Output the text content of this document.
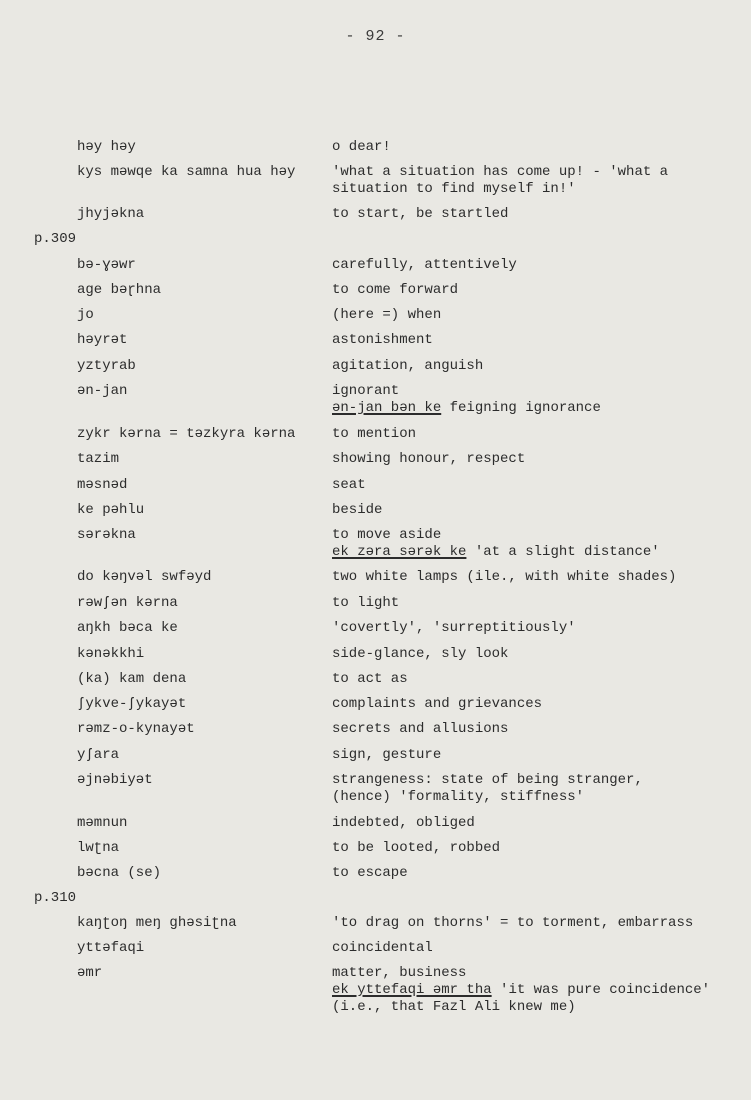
- 92 -
həy həy	o dear!
kys məwqe ka samna hua həy	'what a situation has come up! - 'what a
situation to find myself in!'
jhyjəkna	to start, be startled
p.309
bə-ɣəwr	carefully, attentively
age bəɽhna	to come forward
jo	(here =) when
həyrət	astonishment
yztyrab	agitation, anguish
ən-jan	ignorant
ən-jan bən ke feigning ignorance
zykr kərna = təzkyra kərna	to mention
tazim	showing honour, respect
məsnəd	seat
ke pəhlu	beside
sərəkna	to move aside
ek zəra sərək ke 'at a slight distance'
do kəŋvəl swfəyd	two white lamps (ile., with white shades)
rəwʃən kərna	to light
aŋkh bəca ke	'covertly', 'surreptitiously'
kənəkkhi	side-glance, sly look
(ka) kam dena	to act as
ʃykve-ʃykayət	complaints and grievances
rəmz-o-kynayət	secrets and allusions
yʃara	sign, gesture
əjnəbiyət	strangeness: state of being stranger,
(hence) 'formality, stiffness'
məmnun	indebted, obliged
lwʈna	to be looted, robbed
bəcna (se)	to escape
p.310
kaŋʈoŋ meŋ ghəsiʈna	'to drag on thorns' = to torment, embarrass
yttəfaqi	coincidental
əmr	matter, business
ek yttefaqi əmr tha 'it was pure coincidence'
(i.e., that Fazl Ali knew me)
